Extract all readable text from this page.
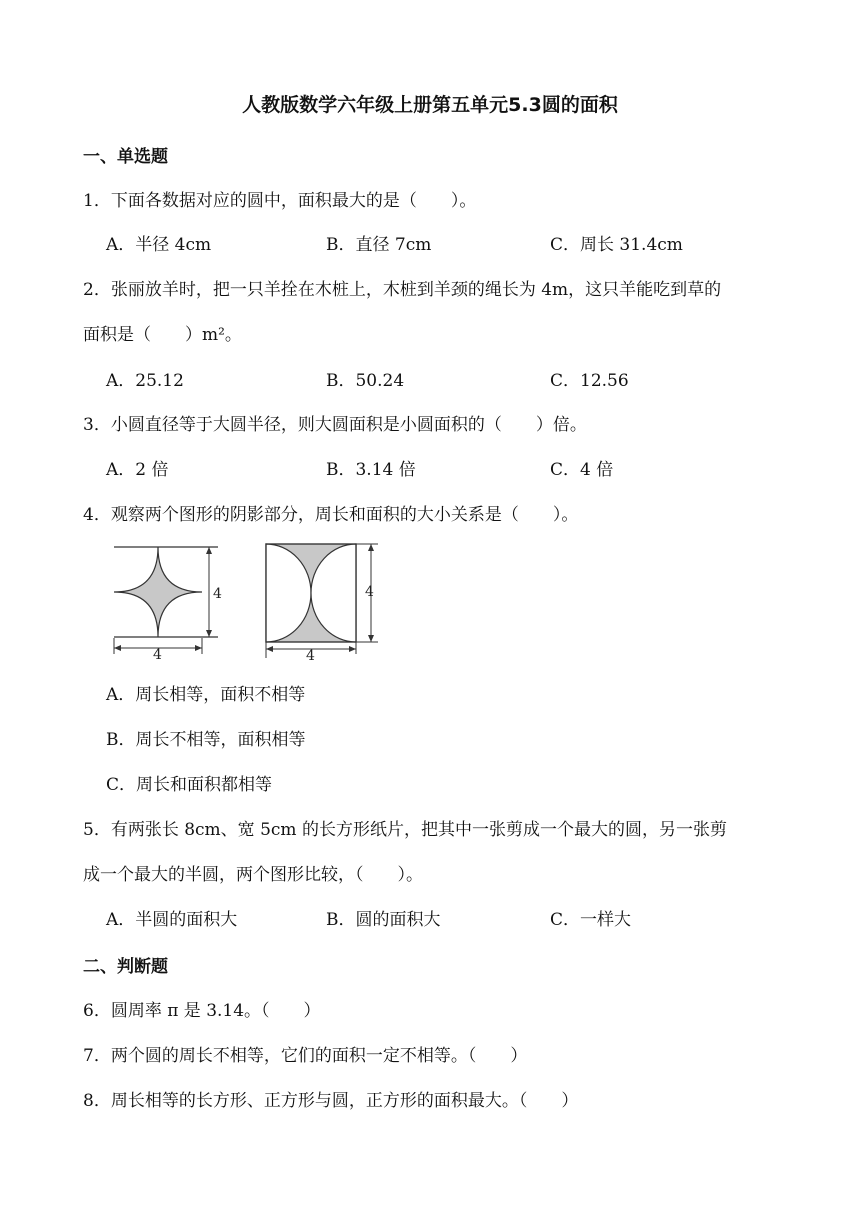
人教版数学六年级上册第五单元5.3圆的面积
一、单选题
1．下面各数据对应的圆中，面积最大的是（　　）。
A．半径 4cm	B．直径 7cm	C．周长 31.4cm
2．张丽放羊时，把一只羊拴在木桩上，木桩到羊颈的绳长为 4m，这只羊能吃到草的
面积是（　　）m²。
A．25.12	B．50.24	C．12.56
3．小圆直径等于大圆半径，则大圆面积是小圆面积的（　　）倍。
A．2 倍	B．3.14 倍	C．4 倍
4．观察两个图形的阴影部分，周长和面积的大小关系是（　　）。
4
4
4
4
A．周长相等，面积不相等
B．周长不相等，面积相等
C．周长和面积都相等
5．有两张长 8cm、宽 5cm 的长方形纸片，把其中一张剪成一个最大的圆，另一张剪
成一个最大的半圆，两个图形比较，（　　）。
A．半圆的面积大	B．圆的面积大	C．一样大
二、判断题
6．圆周率 π 是 3.14。（　　）
7．两个圆的周长不相等，它们的面积一定不相等。（　　）
8．周长相等的长方形、正方形与圆，正方形的面积最大。（　　）
